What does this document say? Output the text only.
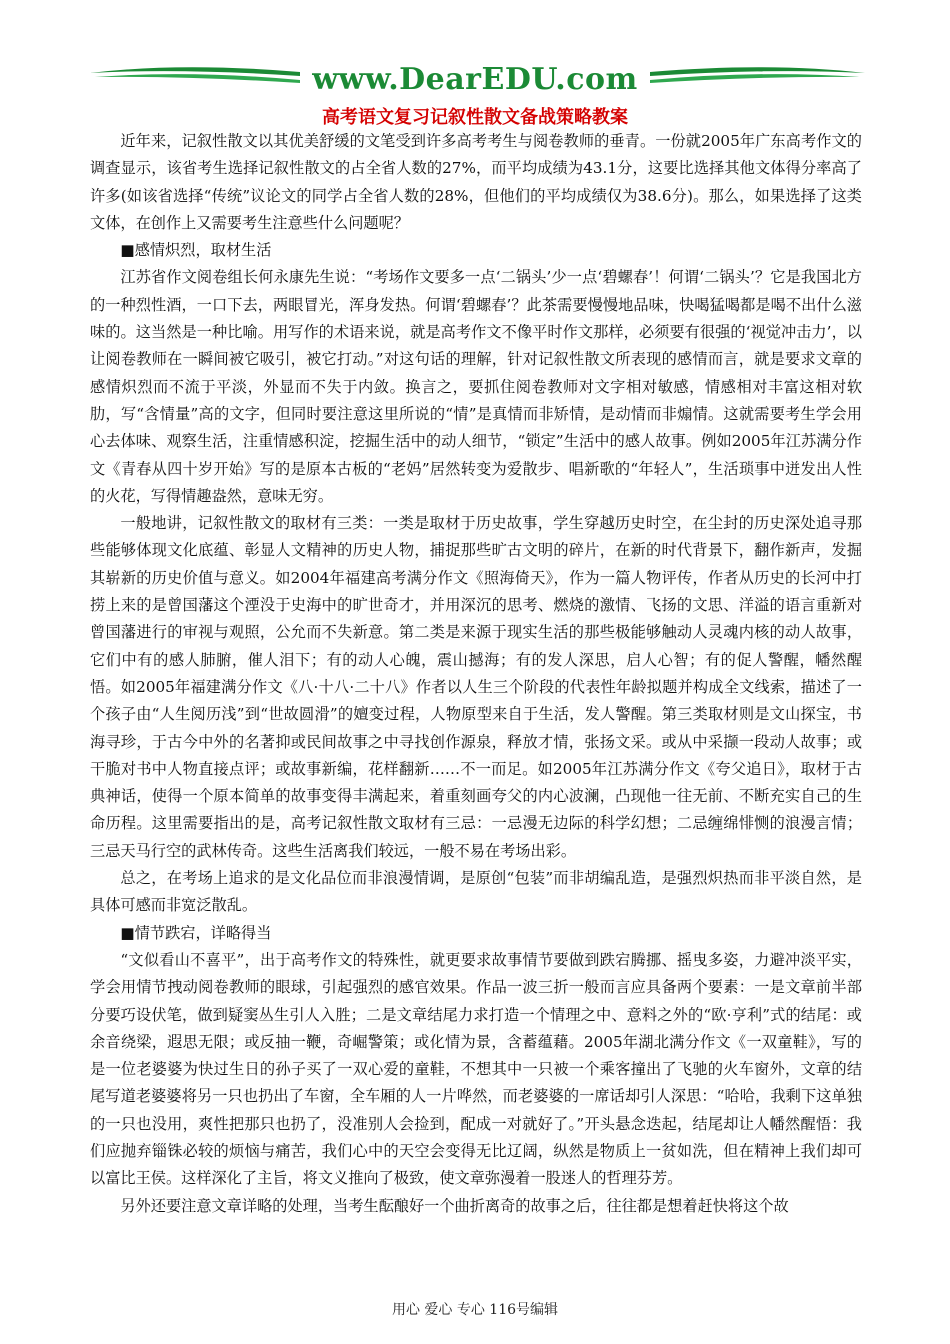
www.DearEDU.com
高考语文复习记叙性散文备战策略教案

近年来，记叙性散文以其优美舒缓的文笔受到许多高考考生与阅卷教师的垂青。一份就2005年广东高考作文的调查显示，该省考生选择记叙性散文的占全省人数的27%，而平均成绩为43.1分，这要比选择其他文体得分率高了许多(如该省选择“传统”议论文的同学占全省人数的28%，但他们的平均成绩仅为38.6分)。那么，如果选择了这类文体，在创作上又需要考生注意些什么问题呢？

■感情炽烈，取材生活

江苏省作文阅卷组长何永康先生说：“考场作文要多一点‘二锅头’少一点‘碧螺春’！何谓‘二锅头’？它是我国北方的一种烈性酒，一口下去，两眼冒光，浑身发热。何谓‘碧螺春’？此茶需要慢慢地品味，快喝猛喝都是喝不出什么滋味的。这当然是一种比喻。用写作的术语来说，就是高考作文不像平时作文那样，必须要有很强的‘视觉冲击力’，以让阅卷教师在一瞬间被它吸引，被它打动。”对这句话的理解，针对记叙性散文所表现的感情而言，就是要求文章的感情炽烈而不流于平淡，外显而不失于内敛。换言之，要抓住阅卷教师对文字相对敏感，情感相对丰富这相对软肋，写“含情量”高的文字，但同时要注意这里所说的“情”是真情而非矫情，是动情而非煽情。这就需要考生学会用心去体味、观察生活，注重情感积淀，挖掘生活中的动人细节，“锁定”生活中的感人故事。例如2005年江苏满分作文《青春从四十岁开始》写的是原本古板的“老妈”居然转变为爱散步、唱新歌的“年轻人”，生活琐事中迸发出人性的火花，写得情趣盎然，意味无穷。

一般地讲，记叙性散文的取材有三类：一类是取材于历史故事，学生穿越历史时空，在尘封的历史深处追寻那些能够体现文化底蕴、彰显人文精神的历史人物，捕捉那些旷古文明的碎片，在新的时代背景下，翻作新声，发掘其崭新的历史价值与意义。如2004年福建高考满分作文《照海倚天》，作为一篇人物评传，作者从历史的长河中打捞上来的是曾国藩这个湮没于史海中的旷世奇才，并用深沉的思考、燃烧的激情、飞扬的文思、洋溢的语言重新对曾国藩进行的审视与观照，公允而不失新意。第二类是来源于现实生活的那些极能够触动人灵魂内核的动人故事，它们中有的感人肺腑，催人泪下；有的动人心魄，震山撼海；有的发人深思，启人心智；有的促人警醒，幡然醒悟。如2005年福建满分作文《八·十八·二十八》作者以人生三个阶段的代表性年龄拟题并构成全文线索，描述了一个孩子由“人生阅历浅”到“世故圆滑”的嬗变过程，人物原型来自于生活，发人警醒。第三类取材则是文山探宝，书海寻珍，于古今中外的名著抑或民间故事之中寻找创作源泉，释放才情，张扬文采。或从中采撷一段动人故事；或干脆对书中人物直接点评；或故事新编，花样翻新……不一而足。如2005年江苏满分作文《夸父追日》，取材于古典神话，使得一个原本简单的故事变得丰满起来，着重刻画夸父的内心波澜，凸现他一往无前、不断充实自己的生命历程。这里需要指出的是，高考记叙性散文取材有三忌：一忌漫无边际的科学幻想；二忌缠绵悱恻的浪漫言情；三忌天马行空的武林传奇。这些生活离我们较远，一般不易在考场出彩。

总之，在考场上追求的是文化品位而非浪漫情调，是原创“包装”而非胡编乱造，是强烈炽热而非平淡自然，是具体可感而非宽泛散乱。

■情节跌宕，详略得当

“文似看山不喜平”，出于高考作文的特殊性，就更要求故事情节要做到跌宕腾挪、摇曳多姿，力避冲淡平实，学会用情节拽动阅卷教师的眼球，引起强烈的感官效果。作品一波三折一般而言应具备两个要素：一是文章前半部分要巧设伏笔，做到疑窦丛生引人入胜；二是文章结尾力求打造一个情理之中、意料之外的“欧·亨利”式的结尾：或余音绕梁，遐思无限；或反抽一鞭，奇崛警策；或化情为景，含蓄蕴藉。2005年湖北满分作文《一双童鞋》，写的是一位老婆婆为快过生日的孙子买了一双心爱的童鞋，不想其中一只被一个乘客撞出了飞驰的火车窗外，文章的结尾写道老婆婆将另一只也扔出了车窗，全车厢的人一片哗然，而老婆婆的一席话却引人深思：“哈哈，我剩下这单独的一只也没用，爽性把那只也扔了，没准别人会捡到，配成一对就好了。”开头悬念迭起，结尾却让人幡然醒悟：我们应抛弃锱铢必较的烦恼与痛苦，我们心中的天空会变得无比辽阔，纵然是物质上一贫如洗，但在精神上我们却可以富比王侯。这样深化了主旨，将文义推向了极致，使文章弥漫着一股迷人的哲理芬芳。

另外还要注意文章详略的处理，当考生酝酿好一个曲折离奇的故事之后，往往都是想着赶快将这个故

用心 爱心 专心 116号编辑
